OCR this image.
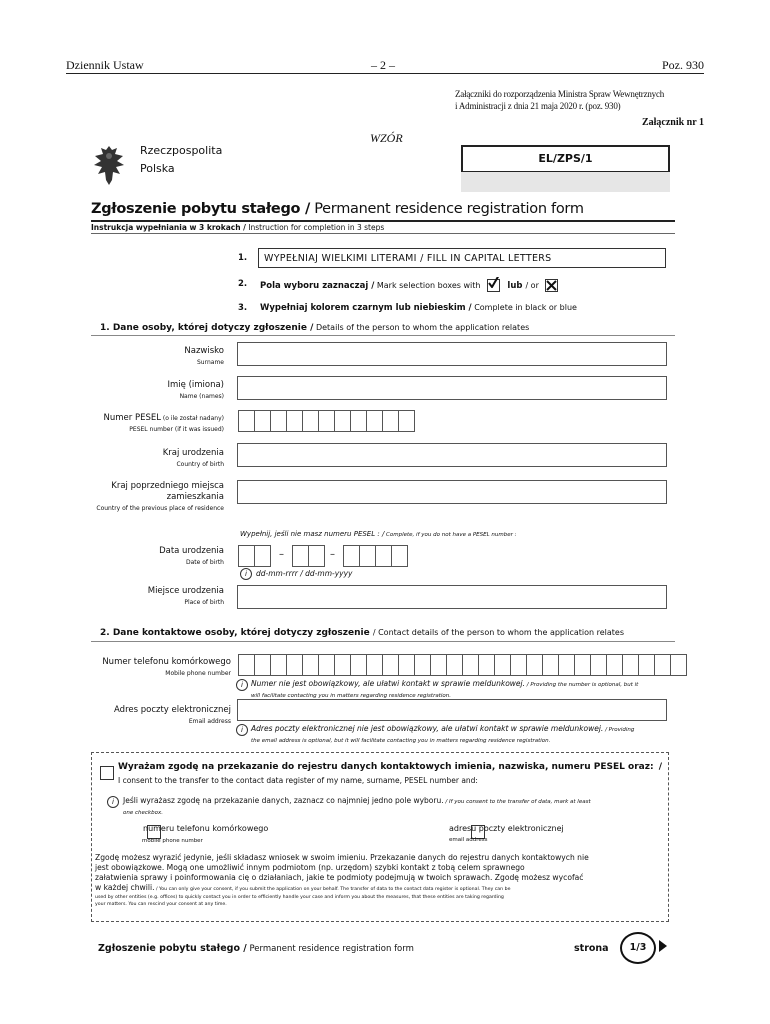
Dziennik Ustaw	– 2 –	Poz. 930
Załączniki do rozporządzenia Ministra Spraw Wewnętrznych
i Administracji z dnia 21 maja 2020 r. (poz. 930)
Załącznik nr 1
WZÓR
Rzeczpospolita
Polska
EL/ZPS/1
Zgłoszenie pobytu stałego / Permanent residence registration form
Instrukcja wypełniania w 3 krokach / Instruction for completion in 3 steps
1.	WYPEŁNIAJ WIELKIMI LITERAMI / FILL IN CAPITAL LETTERS
2. Pola wyboru zaznaczaj / Mark selection boxes with	lub / or
3. Wypełniaj kolorem czarnym lub niebieskim / Complete in black or blue
1. Dane osoby, której dotyczy zgłoszenie / Details of the person to whom the application relates
Nazwisko
Surname
Imię (imiona)
Name (names)
Numer PESEL (o ile został nadany)
PESEL number (if it was issued)
Kraj urodzenia
Country of birth
Kraj poprzedniego miejsca
zamieszkania
Country of the previous place of residence
Wypełnij, jeśli nie masz numeru PESEL : / Complete, if you do not have a PESEL number :
Data urodzenia
Date of birth
–	–
i	dd-mm-rrrr / dd-mm-yyyy
Miejsce urodzenia
Place of birth
2. Dane kontaktowe osoby, której dotyczy zgłoszenie / Contact details of the person to whom the application relates
Numer telefonu komórkowego
Mobile phone number
i	Numer nie jest obowiązkowy, ale ułatwi kontakt w sprawie meldunkowej. / Providing the number is optional, but it
will facilitate contacting you in matters regarding residence registration.
Adres poczty elektronicznej
Email address
i	Adres poczty elektronicznej nie jest obowiązkowy, ale ułatwi kontakt w sprawie meldunkowej. / Providing
the email address is optional, but it will facilitate contacting you in matters regarding residence registration.

Wyrażam zgodę na przekazanie do rejestru danych kontaktowych imienia, nazwiska, numeru PESEL oraz: /
I consent to the transfer to the contact data register of my name, surname, PESEL number and:
i	Jeśli wyrażasz zgodę na przekazanie danych, zaznacz co najmniej jedno pole wyboru. / If you consent to the transfer of data, mark at least
one checkbox.

numeru telefonu komórkowego
mobile phone number
adresu poczty elektronicznej
email address
Zgodę możesz wyrazić jedynie, jeśli składasz wniosek w swoim imieniu. Przekazanie danych do rejestru danych kontaktowych nie
jest obowiązkowe. Mogą one umożliwić innym podmiotom (np. urzędom) szybki kontakt z tobą celem sprawnego
załatwienia sprawy i poinformowania cię o działaniach, jakie te podmioty podejmują w twoich sprawach. Zgodę możesz wycofać
w każdej chwili. / You can only give your consent, if you submit the application on your behalf. The transfer of data to the contact data register is optional. They can be
used by other entities (e.g. offices) to quickly contact you in order to efficiently handle your case and inform you about the measures, that these entities are taking regarding
your matters. You can rescind your consent at any time.
Zgłoszenie pobytu stałego / Permanent residence registration form	strona	1/3
